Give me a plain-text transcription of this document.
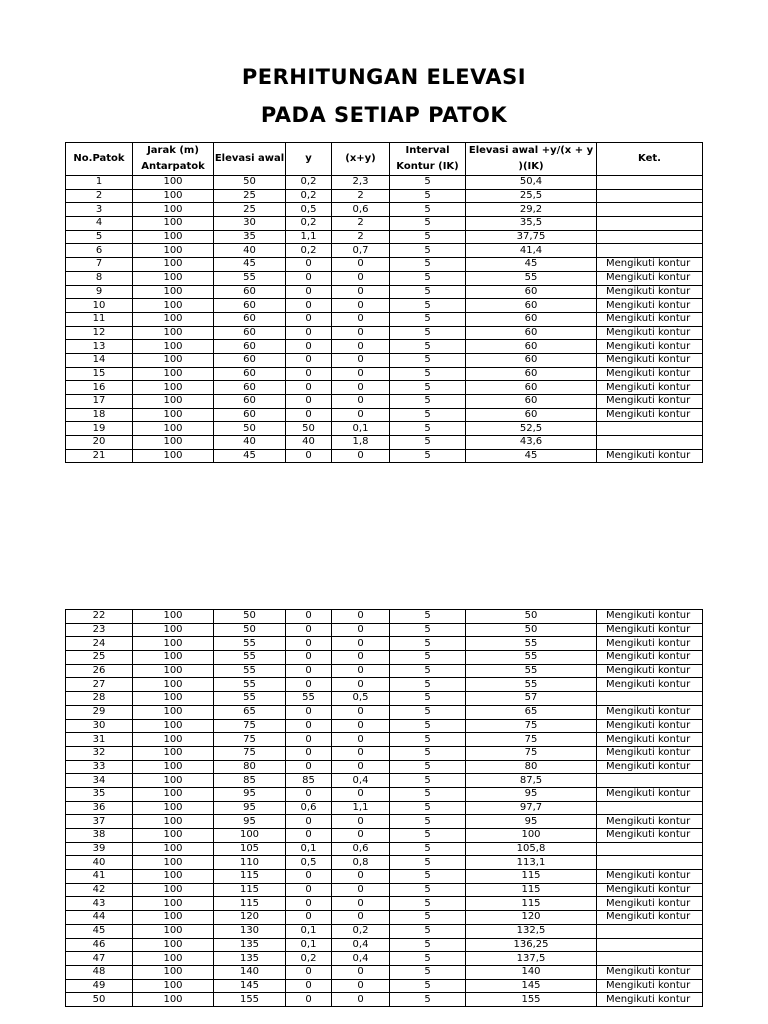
PERHITUNGAN ELEVASI
PADA SETIAP PATOK
No.Patok	Jarak (m) Antarpatok	Elevasi awal	y	(x+y)	Interval Kontur (IK)	Elevasi awal +y/(x + y )(IK)	Ket.
1	100	50	0,2	2,3	5	50,4	
2	100	25	0,2	2	5	25,5	
3	100	25	0,5	0,6	5	29,2	
4	100	30	0,2	2	5	35,5	
5	100	35	1,1	2	5	37,75	
6	100	40	0,2	0,7	5	41,4	
7	100	45	0	0	5	45	Mengikuti kontur
8	100	55	0	0	5	55	Mengikuti kontur
9	100	60	0	0	5	60	Mengikuti kontur
10	100	60	0	0	5	60	Mengikuti kontur
11	100	60	0	0	5	60	Mengikuti kontur
12	100	60	0	0	5	60	Mengikuti kontur
13	100	60	0	0	5	60	Mengikuti kontur
14	100	60	0	0	5	60	Mengikuti kontur
15	100	60	0	0	5	60	Mengikuti kontur
16	100	60	0	0	5	60	Mengikuti kontur
17	100	60	0	0	5	60	Mengikuti kontur
18	100	60	0	0	5	60	Mengikuti kontur
19	100	50	50	0,1	5	52,5	
20	100	40	40	1,8	5	43,6	
21	100	45	0	0	5	45	Mengikuti kontur
22	100	50	0	0	5	50	Mengikuti kontur
23	100	50	0	0	5	50	Mengikuti kontur
24	100	55	0	0	5	55	Mengikuti kontur
25	100	55	0	0	5	55	Mengikuti kontur
26	100	55	0	0	5	55	Mengikuti kontur
27	100	55	0	0	5	55	Mengikuti kontur
28	100	55	55	0,5	5	57	
29	100	65	0	0	5	65	Mengikuti kontur
30	100	75	0	0	5	75	Mengikuti kontur
31	100	75	0	0	5	75	Mengikuti kontur
32	100	75	0	0	5	75	Mengikuti kontur
33	100	80	0	0	5	80	Mengikuti kontur
34	100	85	85	0,4	5	87,5	
35	100	95	0	0	5	95	Mengikuti kontur
36	100	95	0,6	1,1	5	97,7	
37	100	95	0	0	5	95	Mengikuti kontur
38	100	100	0	0	5	100	Mengikuti kontur
39	100	105	0,1	0,6	5	105,8	
40	100	110	0,5	0,8	5	113,1	
41	100	115	0	0	5	115	Mengikuti kontur
42	100	115	0	0	5	115	Mengikuti kontur
43	100	115	0	0	5	115	Mengikuti kontur
44	100	120	0	0	5	120	Mengikuti kontur
45	100	130	0,1	0,2	5	132,5	
46	100	135	0,1	0,4	5	136,25	
47	100	135	0,2	0,4	5	137,5	
48	100	140	0	0	5	140	Mengikuti kontur
49	100	145	0	0	5	145	Mengikuti kontur
50	100	155	0	0	5	155	Mengikuti kontur
